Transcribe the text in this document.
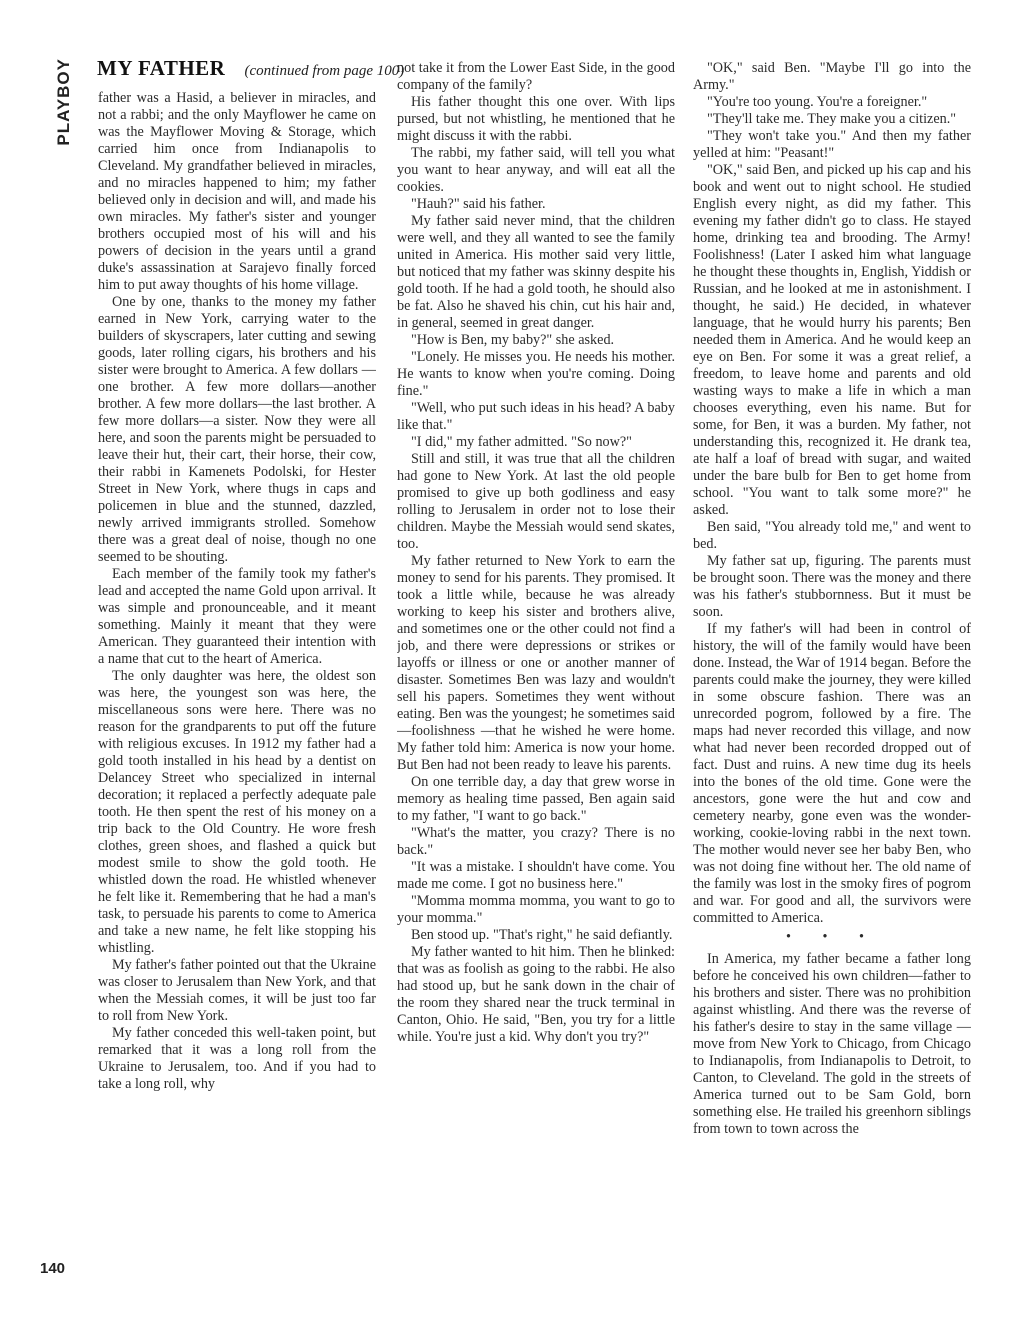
PLAYBOY MY FATHER (continued from page 100)

father was a Hasid, a believer in miracles, and not a rabbi; and the only Mayflower he came on was the Mayflower Moving & Storage, which carried him once from Indianapolis to Cleveland. My grandfather believed in miracles, and no miracles happened to him; my father believed only in decision and will, and made his own miracles. My father's sister and younger brothers occupied most of his will and his powers of decision in the years until a grand duke's assassination at Sarajevo finally forced him to put away thoughts of his home village.

One by one, thanks to the money my father earned in New York, carrying water to the builders of skyscrapers, later cutting and sewing goods, later rolling cigars, his brothers and his sister were brought to America. A few dollars —one brother. A few more dollars—another brother. A few more dollars—the last brother. A few more dollars—a sister. Now they were all here, and soon the parents might be persuaded to leave their hut, their cart, their horse, their cow, their rabbi in Kamenets Podolski, for Hester Street in New York, where thugs in caps and policemen in blue and the stunned, dazzled, newly arrived immigrants strolled. Somehow there was a great deal of noise, though no one seemed to be shouting.

Each member of the family took my father's lead and accepted the name Gold upon arrival. It was simple and pronounceable, and it meant something. Mainly it meant that they were American. They guaranteed their intention with a name that cut to the heart of America.

The only daughter was here, the oldest son was here, the youngest son was here, the miscellaneous sons were here. There was no reason for the grandparents to put off the future with religious excuses. In 1912 my father had a gold tooth installed in his head by a dentist on Delancey Street who specialized in internal decoration; it replaced a perfectly adequate pale tooth. He then spent the rest of his money on a trip back to the Old Country. He wore fresh clothes, green shoes, and flashed a quick but modest smile to show the gold tooth. He whistled down the road. He whistled whenever he felt like it. Remembering that he had a man's task, to persuade his parents to come to America and take a new name, he felt like stopping his whistling.

My father's father pointed out that the Ukraine was closer to Jerusalem than New York, and that when the Messiah comes, it will be just too far to roll from New York.

My father conceded this well-taken point, but remarked that it was a long roll from the Ukraine to Jerusalem, too. And if you had to take a long roll, why

not take it from the Lower East Side, in the good company of the family?

His father thought this one over. With lips pursed, but not whistling, he mentioned that he might discuss it with the rabbi.

The rabbi, my father said, will tell you what you want to hear anyway, and will eat all the cookies.

"Hauh?" said his father.

My father said never mind, that the children were well, and they all wanted to see the family united in America. His mother said very little, but noticed that my father was skinny despite his gold tooth. If he had a gold tooth, he should also be fat. Also he shaved his chin, cut his hair and, in general, seemed in great danger.

"How is Ben, my baby?" she asked.

"Lonely. He misses you. He needs his mother. He wants to know when you're coming. Doing fine."

"Well, who put such ideas in his head? A baby like that."

"I did," my father admitted. "So now?"

Still and still, it was true that all the children had gone to New York. At last the old people promised to give up both godliness and easy rolling to Jerusalem in order not to lose their children. Maybe the Messiah would send skates, too.

My father returned to New York to earn the money to send for his parents. They promised. It took a little while, because he was already working to keep his sister and brothers alive, and sometimes one or the other could not find a job, and there were depressions or strikes or layoffs or illness or one or another manner of disaster. Sometimes Ben was lazy and wouldn't sell his papers. Sometimes they went without eating. Ben was the youngest; he sometimes said—foolishness —that he wished he were home. My father told him: America is now your home. But Ben had not been ready to leave his parents.

On one terrible day, a day that grew worse in memory as healing time passed, Ben again said to my father, "I want to go back."

"What's the matter, you crazy? There is no back."

"It was a mistake. I shouldn't have come. You made me come. I got no business here."

"Momma momma momma, you want to go to your momma."

Ben stood up. "That's right," he said defiantly.

My father wanted to hit him. Then he blinked: that was as foolish as going to the rabbi. He also had stood up, but he sank down in the chair of the room they shared near the truck terminal in Canton, Ohio. He said, "Ben, you try for a little while. You're just a kid. Why don't you try?"

"OK," said Ben. "Maybe I'll go into the Army."

"You're too young. You're a foreigner."

"They'll take me. They make you a citizen."

"They won't take you." And then my father yelled at him: "Peasant!"

"OK," said Ben, and picked up his cap and his book and went out to night school. He studied English every night, as did my father. This evening my father didn't go to class. He stayed home, drinking tea and brooding. The Army! Foolishness! (Later I asked him what language he thought these thoughts in, English, Yiddish or Russian, and he looked at me in astonishment. I thought, he said.) He decided, in whatever language, that he would hurry his parents; Ben needed them in America. And he would keep an eye on Ben. For some it was a great relief, a freedom, to leave home and parents and old wasting ways to make a life in which a man chooses everything, even his name. But for some, for Ben, it was a burden. My father, not understanding this, recognized it. He drank tea, ate half a loaf of bread with sugar, and waited under the bare bulb for Ben to get home from school. "You want to talk some more?" he asked.

Ben said, "You already told me," and went to bed.

My father sat up, figuring. The parents must be brought soon. There was the money and there was his father's stubbornness. But it must be soon.

If my father's will had been in control of history, the will of the family would have been done. Instead, the War of 1914 began. Before the parents could make the journey, they were killed in some obscure fashion. There was an unrecorded pogrom, followed by a fire. The maps had never recorded this village, and now what had never been recorded dropped out of fact. Dust and ruins. A new time dug its heels into the bones of the old time. Gone were the ancestors, gone were the hut and cow and cemetery nearby, gone even was the wonder-working, cookie-loving rabbi in the next town. The mother would never see her baby Ben, who was not doing fine without her. The old name of the family was lost in the smoky fires of pogrom and war. For good and all, the survivors were committed to America.

• • •

In America, my father became a father long before he conceived his own children—father to his brothers and sister. There was no prohibition against whistling. And there was the reverse of his father's desire to stay in the same village —move from New York to Chicago, from Chicago to Indianapolis, from Indianapolis to Detroit, to Canton, to Cleveland. The gold in the streets of America turned out to be Sam Gold, born something else. He trailed his greenhorn siblings from town to town across the

140
